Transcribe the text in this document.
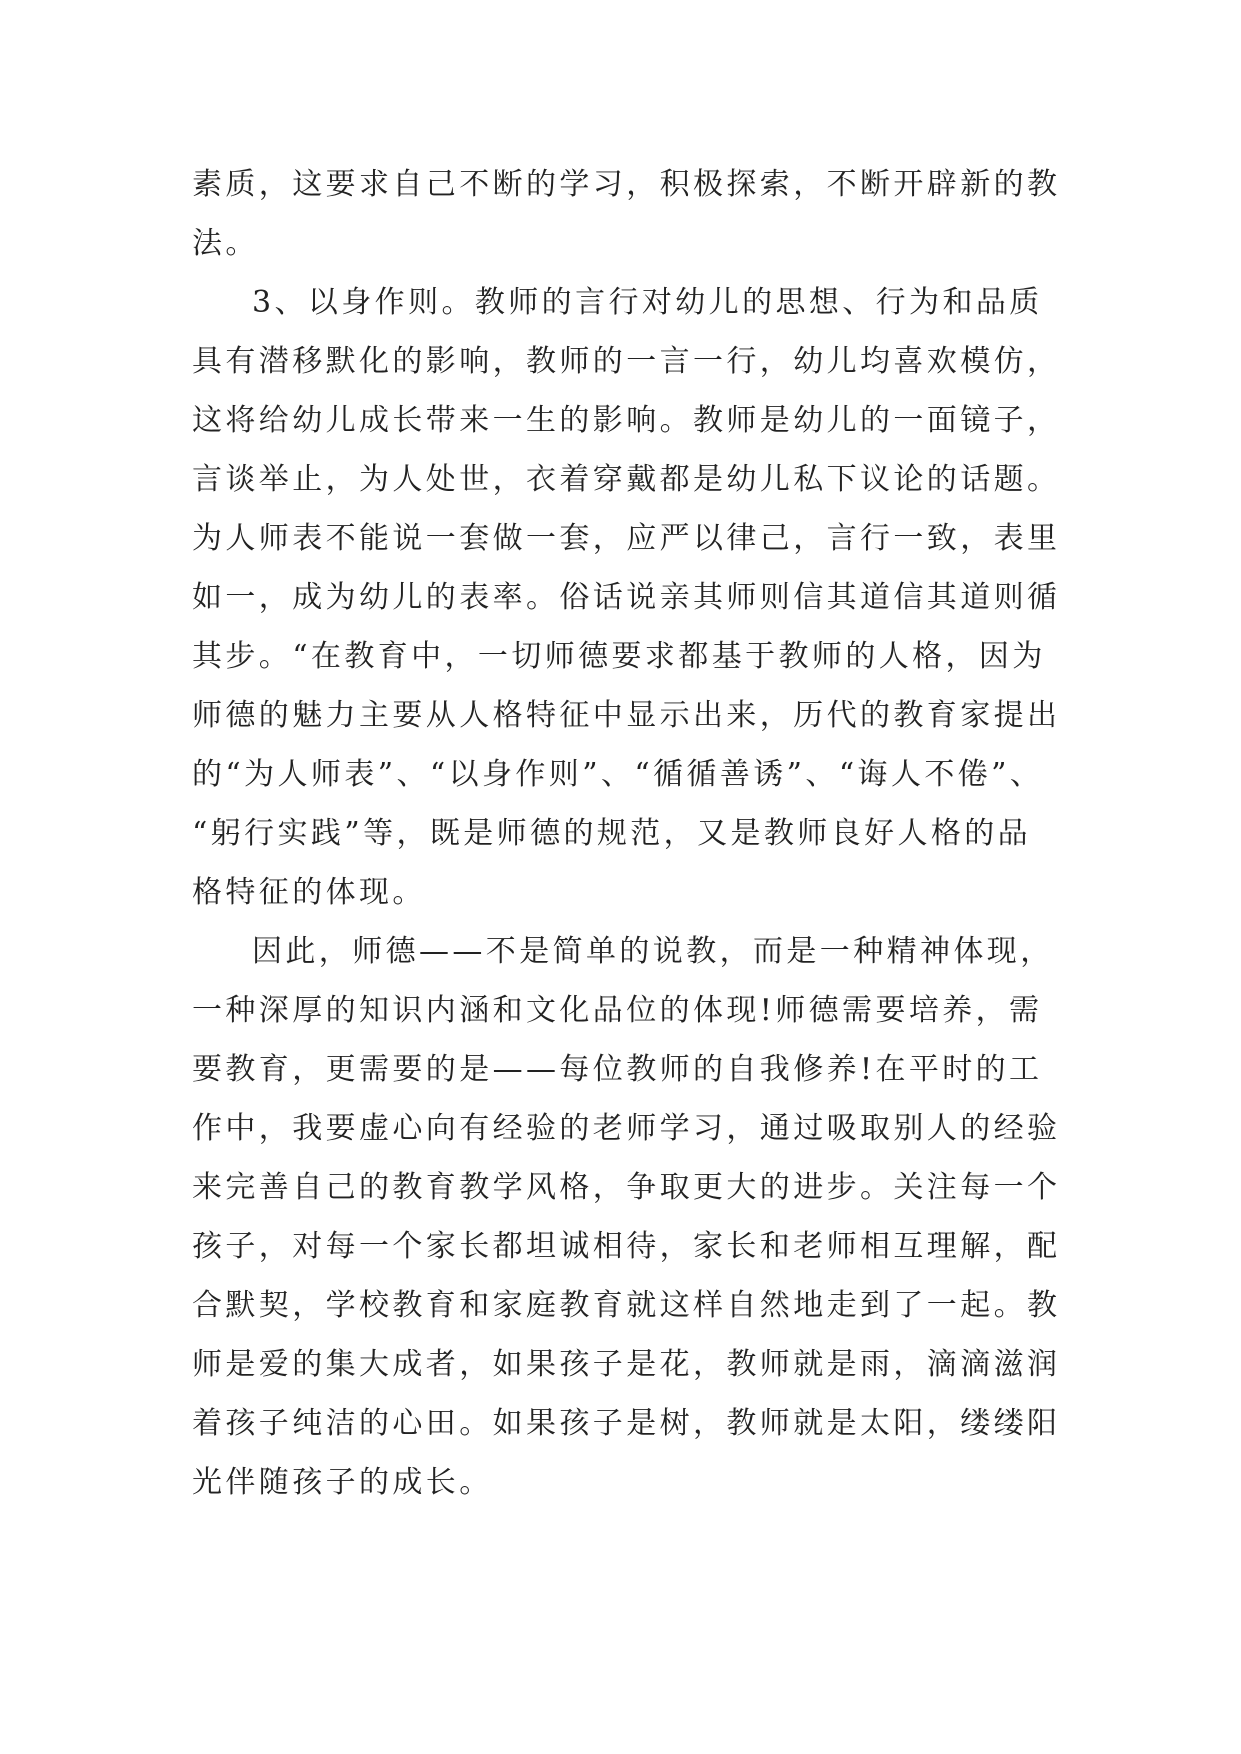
素质，这要求自己不断的学习，积极探索，不断开辟新的教

法。

3、以身作则。教师的言行对幼儿的思想、行为和品质

具有潜移默化的影响，教师的一言一行，幼儿均喜欢模仿，

这将给幼儿成长带来一生的影响。教师是幼儿的一面镜子，

言谈举止，为人处世，衣着穿戴都是幼儿私下议论的话题。

为人师表不能说一套做一套，应严以律己，言行一致，表里

如一，成为幼儿的表率。俗话说亲其师则信其道信其道则循

其步。“在教育中，一切师德要求都基于教师的人格，因为

师德的魅力主要从人格特征中显示出来，历代的教育家提出

的“为人师表”、“以身作则”、“循循善诱”、“诲人不倦”、

“躬行实践”等，既是师德的规范，又是教师良好人格的品

格特征的体现。

因此，师德——不是简单的说教，而是一种精神体现，

一种深厚的知识内涵和文化品位的体现!师德需要培养，需

要教育，更需要的是——每位教师的自我修养!在平时的工

作中，我要虚心向有经验的老师学习，通过吸取别人的经验

来完善自己的教育教学风格，争取更大的进步。关注每一个

孩子，对每一个家长都坦诚相待，家长和老师相互理解，配

合默契，学校教育和家庭教育就这样自然地走到了一起。教

师是爱的集大成者，如果孩子是花，教师就是雨，滴滴滋润

着孩子纯洁的心田。如果孩子是树，教师就是太阳，缕缕阳

光伴随孩子的成长。
